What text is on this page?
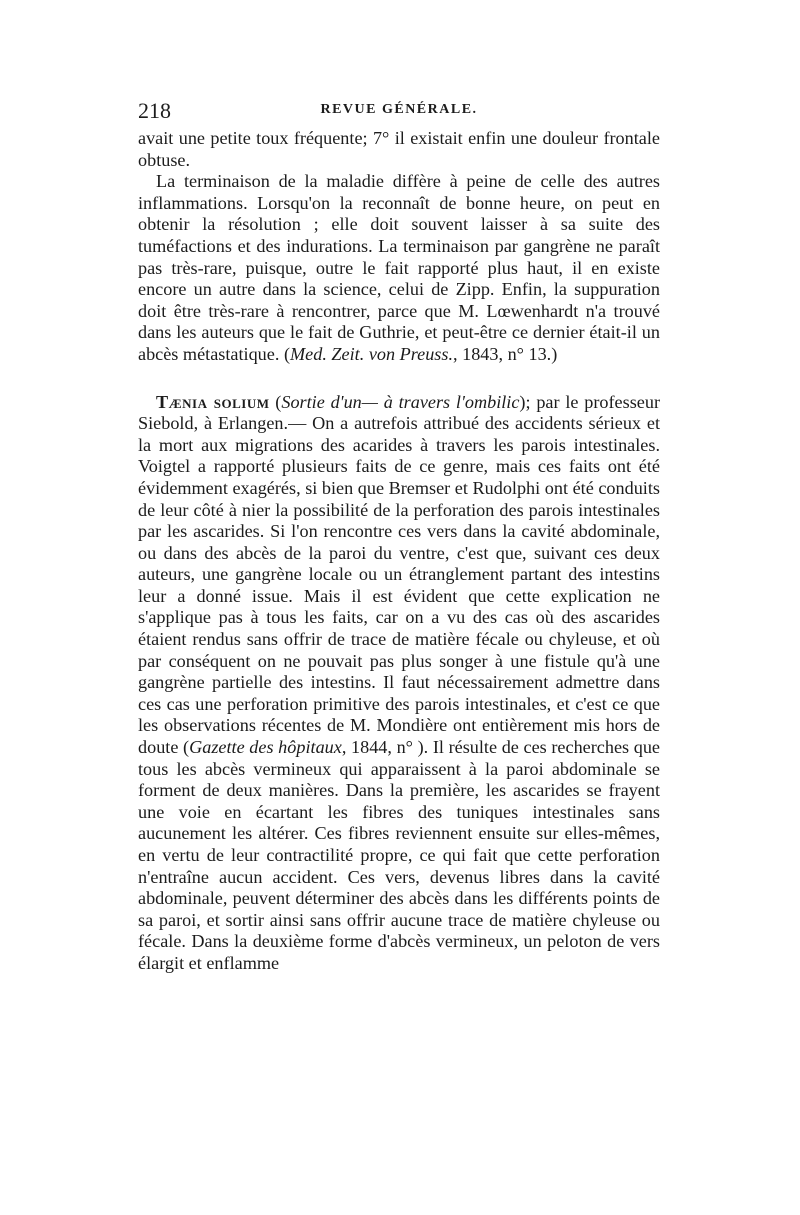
218	REVUE GÉNÉRALE.

avait une petite toux fréquente; 7° il existait enfin une douleur frontale obtuse.

La terminaison de la maladie diffère à peine de celle des autres inflammations. Lorsqu'on la reconnaît de bonne heure, on peut en obtenir la résolution ; elle doit souvent laisser à sa suite des tuméfactions et des indurations. La terminaison par gangrène ne paraît pas très-rare, puisque, outre le fait rapporté plus haut, il en existe encore un autre dans la science, celui de Zipp. Enfin, la suppuration doit être très-rare à rencontrer, parce que M. Lœwenhardt n'a trouvé dans les auteurs que le fait de Guthrie, et peut-être ce dernier était-il un abcès métastatique. (Med. Zeit. von Preuss., 1843, n° 13.)

Tænia solium (Sortie d'un— à travers l'ombilic); par le professeur Siebold, à Erlangen.— On a autrefois attribué des accidents sérieux et la mort aux migrations des acarides à travers les parois intestinales. Voigtel a rapporté plusieurs faits de ce genre, mais ces faits ont été évidemment exagérés, si bien que Bremser et Rudolphi ont été conduits de leur côté à nier la possibilité de la perforation des parois intestinales par les ascarides. Si l'on rencontre ces vers dans la cavité abdominale, ou dans des abcès de la paroi du ventre, c'est que, suivant ces deux auteurs, une gangrène locale ou un étranglement partant des intestins leur a donné issue. Mais il est évident que cette explication ne s'applique pas à tous les faits, car on a vu des cas où des ascarides étaient rendus sans offrir de trace de matière fécale ou chyleuse, et où par conséquent on ne pouvait pas plus songer à une fistule qu'à une gangrène partielle des intestins. Il faut nécessairement admettre dans ces cas une perforation primitive des parois intestinales, et c'est ce que les observations récentes de M. Mondière ont entièrement mis hors de doute (Gazette des hôpitaux, 1844, n° ). Il résulte de ces recherches que tous les abcès vermineux qui apparaissent à la paroi abdominale se forment de deux manières. Dans la première, les ascarides se frayent une voie en écartant les fibres des tuniques intestinales sans aucunement les altérer. Ces fibres reviennent ensuite sur elles-mêmes, en vertu de leur contractilité propre, ce qui fait que cette perforation n'entraîne aucun accident. Ces vers, devenus libres dans la cavité abdominale, peuvent déterminer des abcès dans les différents points de sa paroi, et sortir ainsi sans offrir aucune trace de matière chyleuse ou fécale. Dans la deuxième forme d'abcès vermineux, un peloton de vers élargit et enflamme
